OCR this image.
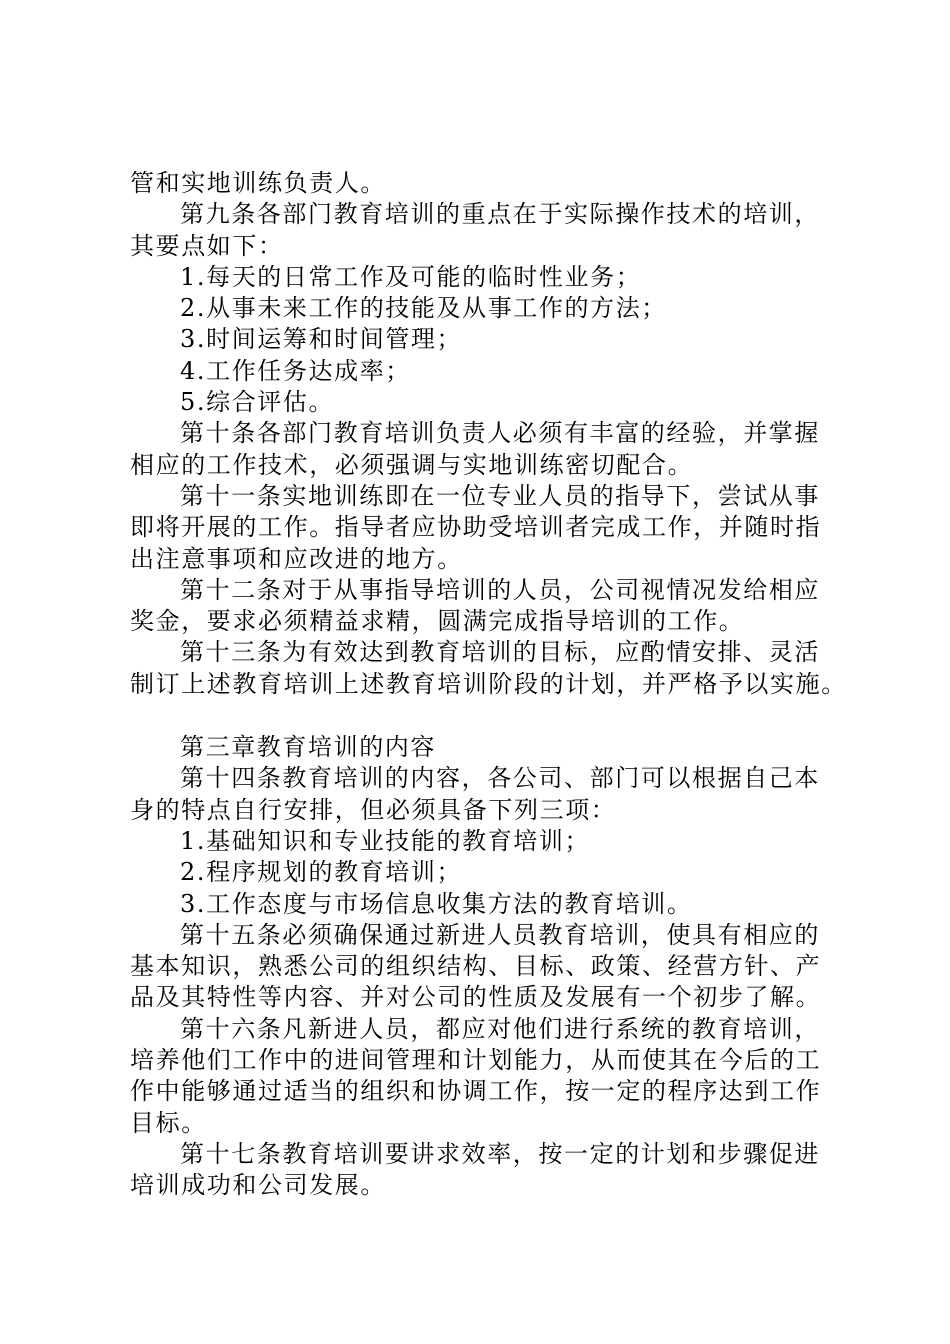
管和实地训练负责人。
第九条各部门教育培训的重点在于实际操作技术的培训，
其要点如下：
1.每天的日常工作及可能的临时性业务；
2.从事未来工作的技能及从事工作的方法；
3.时间运筹和时间管理；
4.工作任务达成率；
5.综合评估。
第十条各部门教育培训负责人必须有丰富的经验，并掌握
相应的工作技术，必须强调与实地训练密切配合。
第十一条实地训练即在一位专业人员的指导下，尝试从事
即将开展的工作。指导者应协助受培训者完成工作，并随时指
出注意事项和应改进的地方。
第十二条对于从事指导培训的人员，公司视情况发给相应
奖金，要求必须精益求精，圆满完成指导培训的工作。
第十三条为有效达到教育培训的目标，应酌情安排、灵活
制订上述教育培训上述教育培训阶段的计划，并严格予以实施。
第三章教育培训的内容
第十四条教育培训的内容，各公司、部门可以根据自己本
身的特点自行安排，但必须具备下列三项：
1.基础知识和专业技能的教育培训；
2.程序规划的教育培训；
3.工作态度与市场信息收集方法的教育培训。
第十五条必须确保通过新进人员教育培训，使具有相应的
基本知识，熟悉公司的组织结构、目标、政策、经营方针、产
品及其特性等内容、并对公司的性质及发展有一个初步了解。
第十六条凡新进人员，都应对他们进行系统的教育培训，
培养他们工作中的进间管理和计划能力，从而使其在今后的工
作中能够通过适当的组织和协调工作，按一定的程序达到工作
目标。
第十七条教育培训要讲求效率，按一定的计划和步骤促进
培训成功和公司发展。
